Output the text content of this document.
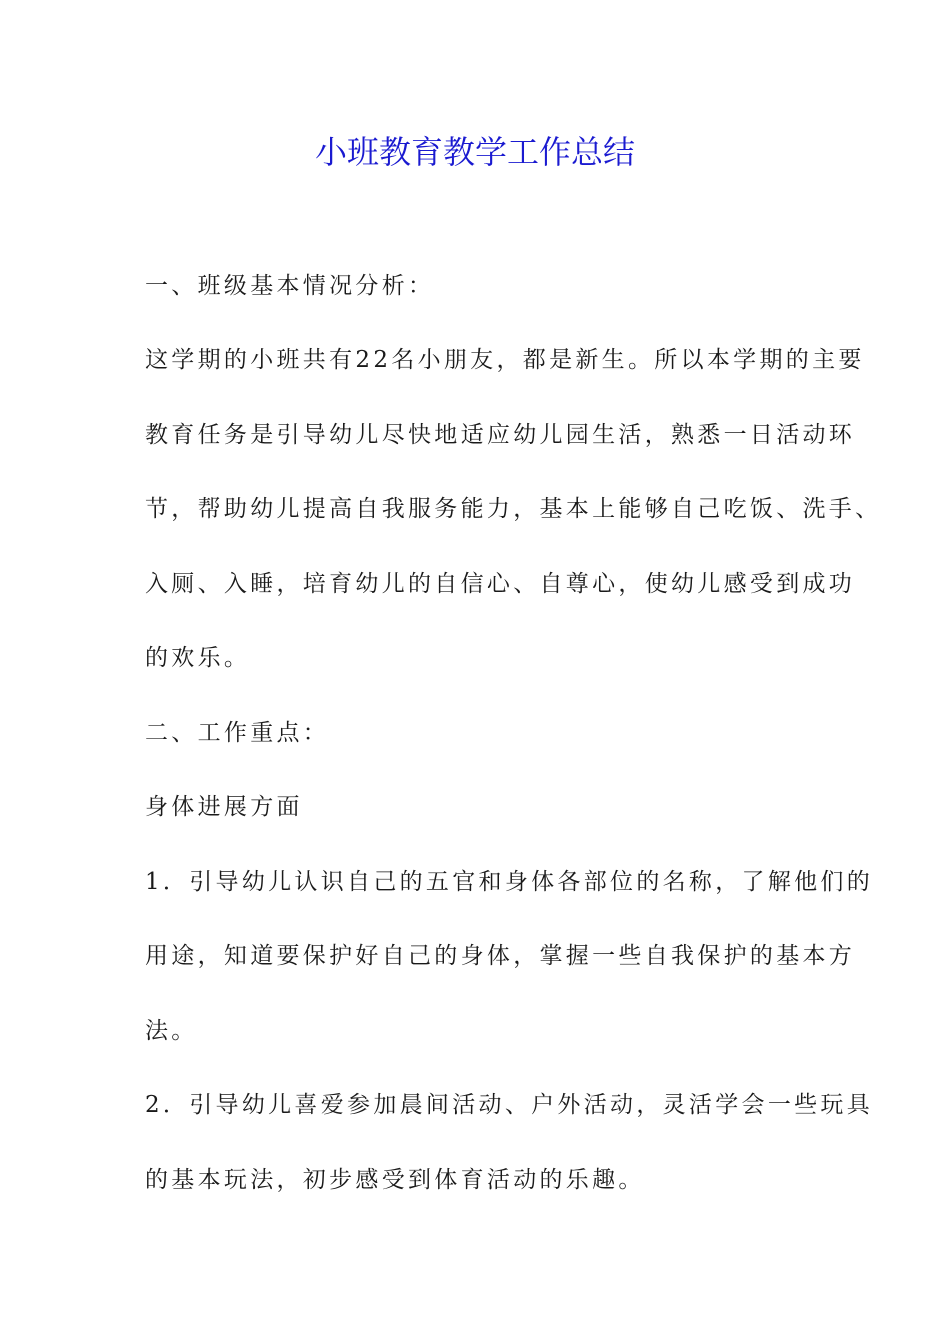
小班教育教学工作总结

一、班级基本情况分析：

这学期的小班共有22名小朋友，都是新生。所以本学期的主要

教育任务是引导幼儿尽快地适应幼儿园生活，熟悉一日活动环

节，帮助幼儿提高自我服务能力，基本上能够自己吃饭、洗手、

入厕、入睡，培育幼儿的自信心、自尊心，使幼儿感受到成功

的欢乐。

二、工作重点：

身体进展方面

1．引导幼儿认识自己的五官和身体各部位的名称，了解他们的

用途，知道要保护好自己的身体，掌握一些自我保护的基本方

法。

2．引导幼儿喜爱参加晨间活动、户外活动，灵活学会一些玩具

的基本玩法，初步感受到体育活动的乐趣。
